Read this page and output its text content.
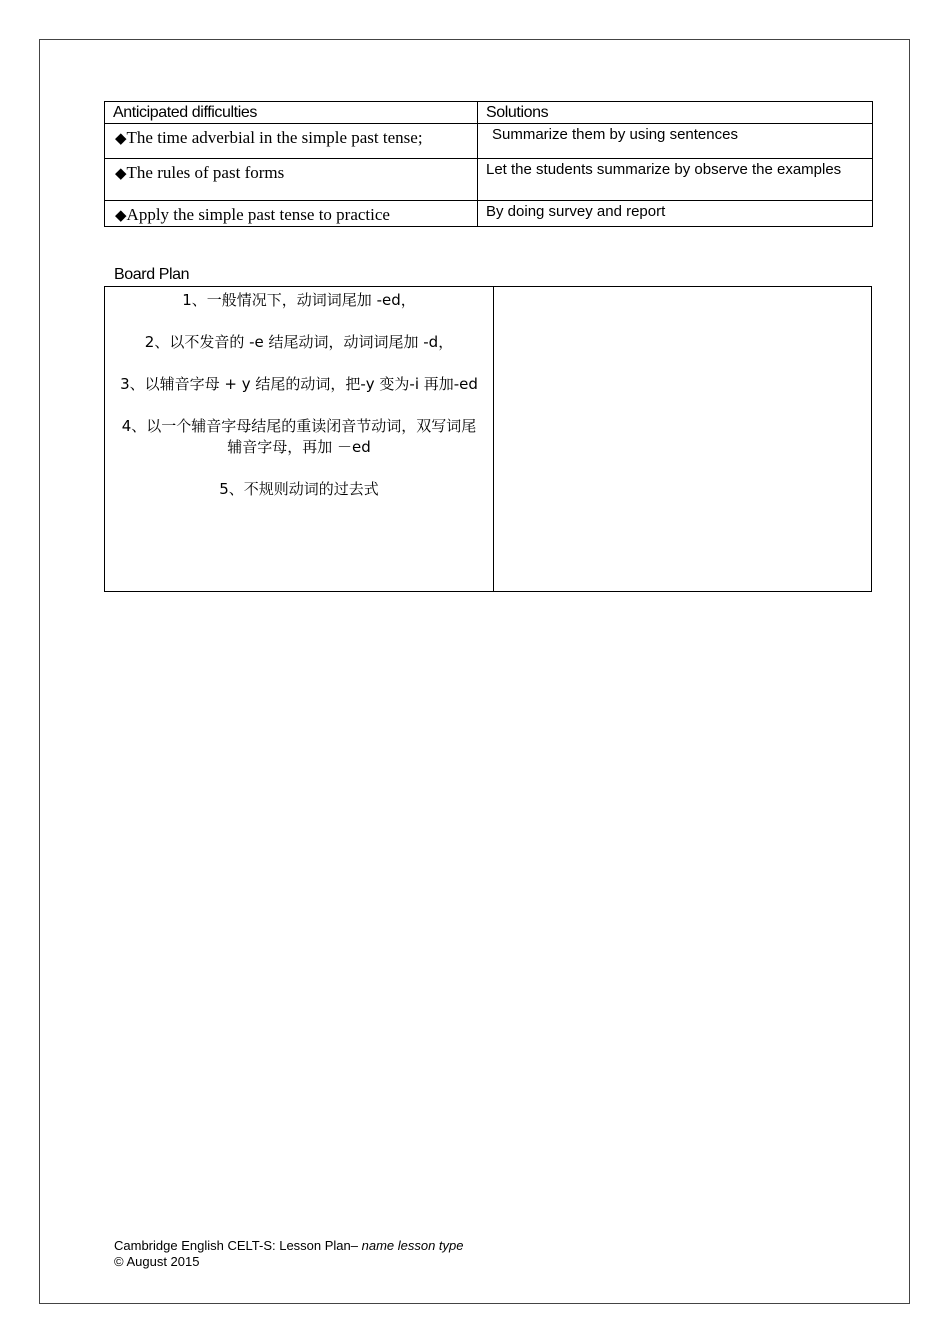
Anticipated difficulties	Solutions
◆The time adverbial in the simple past tense;	Summarize them by using sentences
◆The rules of past forms	Let the students summarize by observe the examples
◆Apply the simple past tense to practice	By doing survey and report
Board Plan
1、一般情况下，动词词尾加 -ed，
2、以不发音的 -e 结尾动词，动词词尾加 -d，
3、以辅音字母 + y 结尾的动词，把-y 变为-i 再加-ed
4、以一个辅音字母结尾的重读闭音节动词，双写词尾辅音字母，再加 －ed
5、不规则动词的过去式

Cambridge English CELT-S: Lesson Plan– name lesson type
© August 2015
